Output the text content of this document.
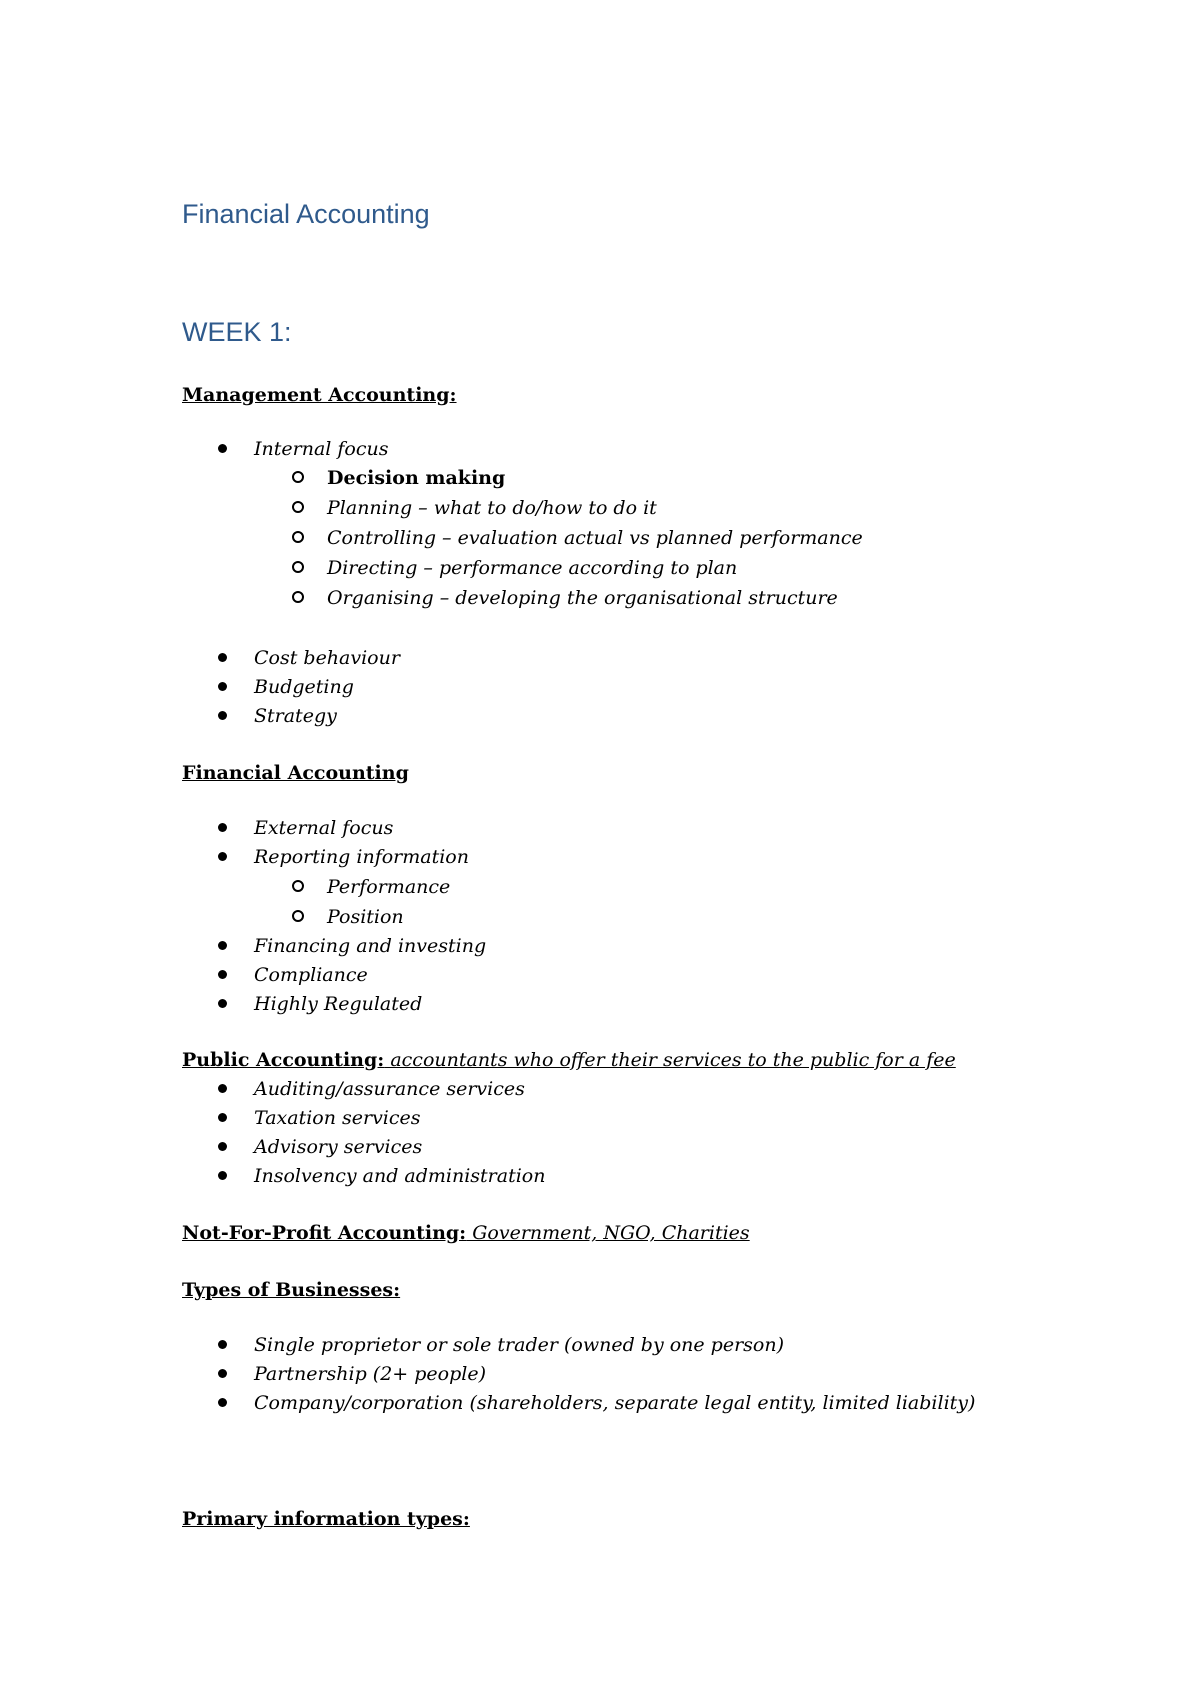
Financial Accounting
WEEK 1:
Management Accounting:
Internal focus
Decision making
Planning – what to do/how to do it
Controlling – evaluation actual vs planned performance
Directing – performance according to plan
Organising – developing the organisational structure
Cost behaviour
Budgeting
Strategy
Financial Accounting
External focus
Reporting information
Performance
Position
Financing and investing
Compliance
Highly Regulated
Public Accounting: accountants who offer their services to the public for a fee
Auditing/assurance services
Taxation services
Advisory services
Insolvency and administration
Not-For-Profit Accounting: Government, NGO, Charities
Types of Businesses:
Single proprietor or sole trader (owned by one person)
Partnership (2+ people)
Company/corporation (shareholders, separate legal entity, limited liability)
Primary information types:
